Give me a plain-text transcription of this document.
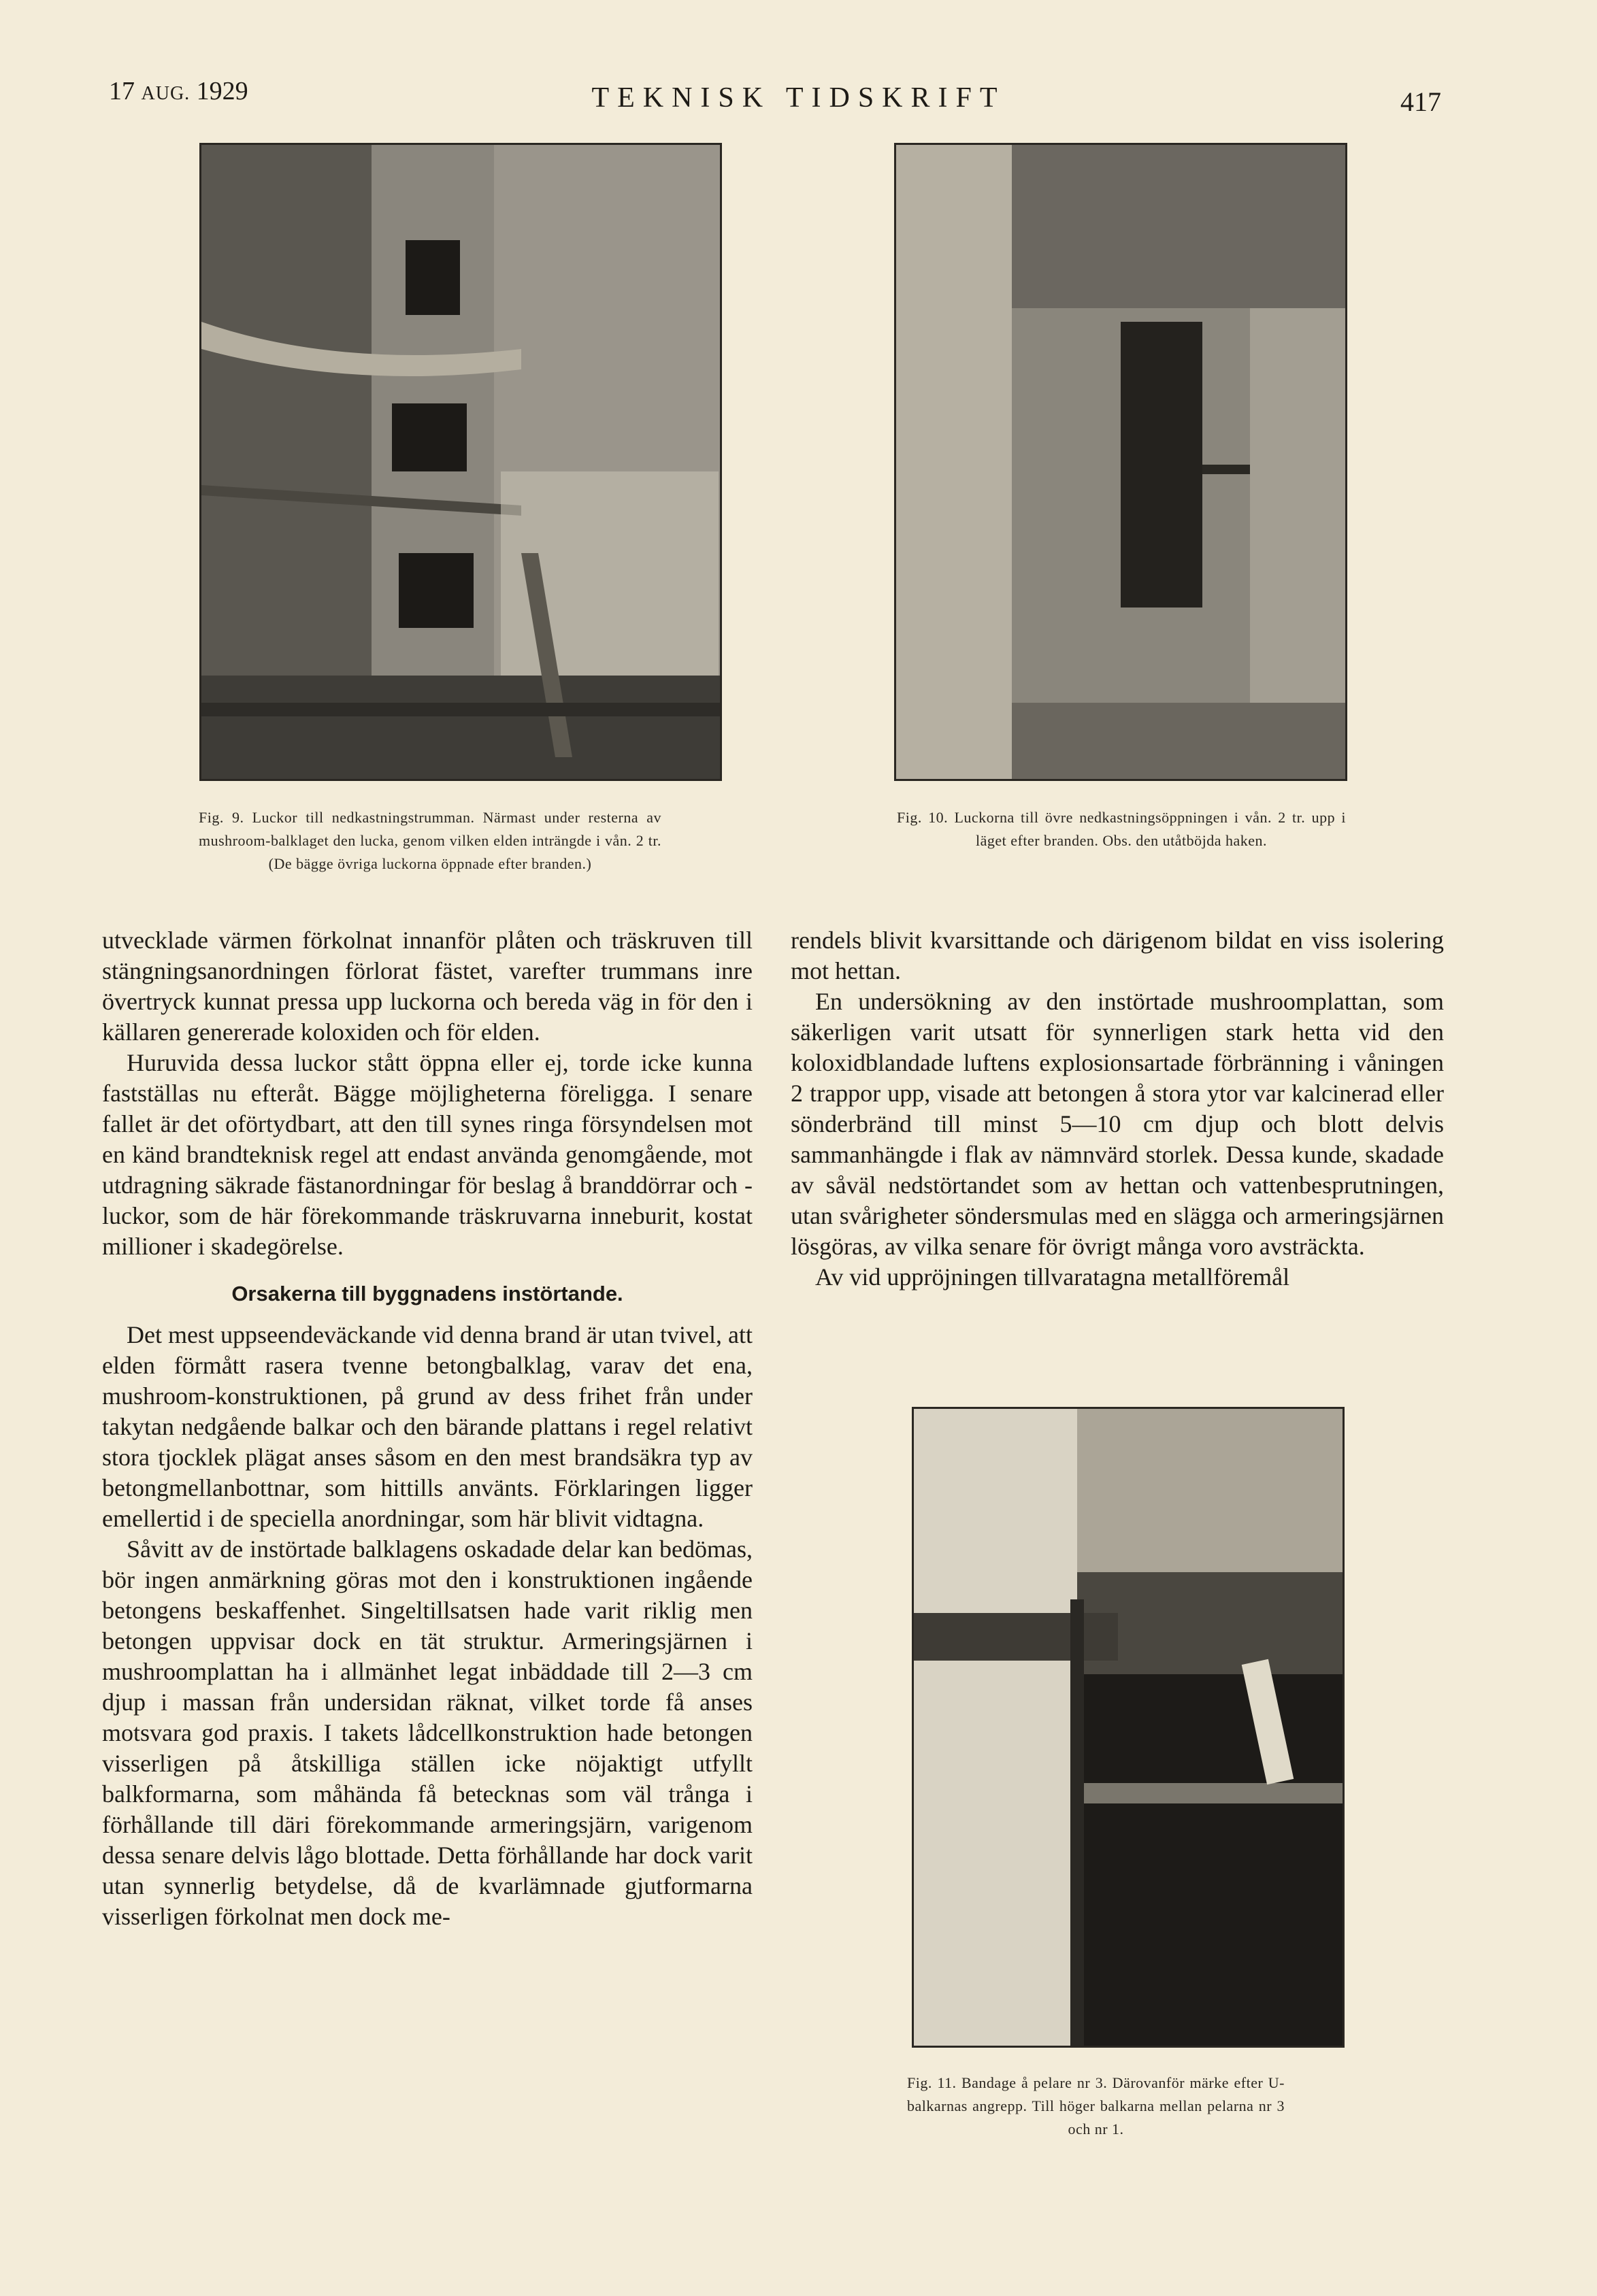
17 AUG. 1929	TEKNISK TIDSKRIFT	417
Fig. 9. Luckor till nedkastningstrumman. Närmast under resterna av mushroom-balklaget den lucka, genom vilken elden inträngde i vån. 2 tr. (De bägge övriga luckorna öppnade efter branden.)
Fig. 10. Luckorna till övre nedkastningsöppningen i vån. 2 tr. upp i läget efter branden. Obs. den utåtböjda haken.
Fig. 11. Bandage å pelare nr 3. Därovanför märke efter U-balkarnas angrepp. Till höger balkarna mellan pelarna nr 3 och nr 1.

utvecklade värmen förkolnat innanför plåten och träskruven till stängningsanordningen förlorat fästet, varefter trummans inre övertryck kunnat pressa upp luckorna och bereda väg in för den i källaren genererade koloxiden och för elden.

Huruvida dessa luckor stått öppna eller ej, torde icke kunna fastställas nu efteråt. Bägge möjligheterna föreligga. I senare fallet är det oförtydbart, att den till synes ringa försyndelsen mot en känd brandteknisk regel att endast använda genomgående, mot utdragning säkrade fästanordningar för beslag å branddörrar och -luckor, som de här förekommande träskruvarna inneburit, kostat millioner i skadegörelse.

Orsakerna till byggnadens instörtande.

Det mest uppseendeväckande vid denna brand är utan tvivel, att elden förmått rasera tvenne betongbalklag, varav det ena, mushroom-konstruktionen, på grund av dess frihet från under takytan nedgående balkar och den bärande plattans i regel relativt stora tjocklek plägat anses såsom en den mest brandsäkra typ av betongmellanbottnar, som hittills använts. Förklaringen ligger emellertid i de speciella anordningar, som här blivit vidtagna.

Såvitt av de instörtade balklagens oskadade delar kan bedömas, bör ingen anmärkning göras mot den i konstruktionen ingående betongens beskaffenhet. Singeltillsatsen hade varit riklig men betongen uppvisar dock en tät struktur. Armeringsjärnen i mushroomplattan ha i allmänhet legat inbäddade till 2—3 cm djup i massan från undersidan räknat, vilket torde få anses motsvara god praxis. I takets lådcellkonstruktion hade betongen visserligen på åtskilliga ställen icke nöjaktigt utfyllt balkformarna, som måhända få betecknas som väl trånga i förhållande till däri förekommande armeringsjärn, varigenom dessa senare delvis lågo blottade. Detta förhållande har dock varit utan synnerlig betydelse, då de kvarlämnade gjutformarna visserligen förkolnat men dock me-

rendels blivit kvarsittande och därigenom bildat en viss isolering mot hettan.

En undersökning av den instörtade mushroomplattan, som säkerligen varit utsatt för synnerligen stark hetta vid den koloxidblandade luftens explosionsartade förbränning i våningen 2 trappor upp, visade att betongen å stora ytor var kalcinerad eller sönderbränd till minst 5—10 cm djup och blott delvis sammanhängde i flak av nämnvärd storlek. Dessa kunde, skadade av såväl nedstörtandet som av hettan och vattenbesprutningen, utan svårigheter söndersmulas med en slägga och armeringsjärnen lösgöras, av vilka senare för övrigt många voro avsträckta.

Av vid uppröjningen tillvaratagna metallföremål
